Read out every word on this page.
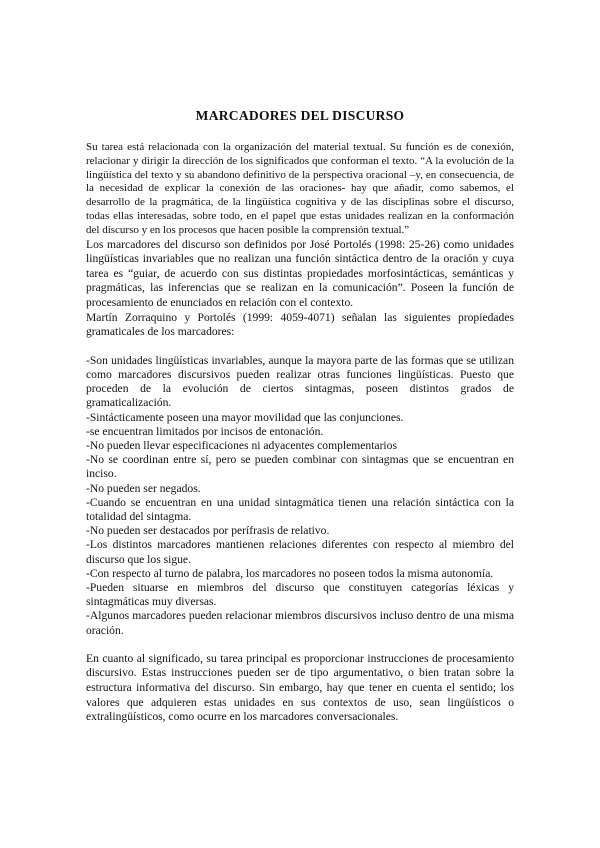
MARCADORES DEL DISCURSO

Su tarea está relacionada con la organización del material textual. Su función es de conexión, relacionar y dirigir la dirección de los significados que conforman el texto. “A la evolución de la lingüística del texto y su abandono definitivo de la perspectiva oracional –y, en consecuencia, de la necesidad de explicar la conexión de las oraciones- hay que añadir, como sabemos, el desarrollo de la pragmática, de la lingüística cognitiva y de las disciplinas sobre el discurso, todas ellas interesadas, sobre todo, en el papel que estas unidades realizan en la conformación del discurso y en los procesos que hacen posible la comprensión textual.”

Los marcadores del discurso son definidos por José Portolés (1998: 25-26) como unidades lingüísticas invariables que no realizan una función sintáctica dentro de la oración y cuya tarea es “guiar, de acuerdo con sus distintas propiedades morfosintácticas, semánticas y pragmáticas, las inferencias que se realizan en la comunicación”. Poseen la función de procesamiento de enunciados en relación con el contexto.

Martín Zorraquino y Portolés (1999: 4059-4071) señalan las siguientes propiedades gramaticales de los marcadores:

-Son unidades lingüísticas invariables, aunque la mayora parte de las formas que se utilizan como marcadores discursivos pueden realizar otras funciones lingüísticas. Puesto que proceden de la evolución de ciertos sintagmas, poseen distintos grados de gramaticalización.
-Sintácticamente poseen una mayor movilidad que las conjunciones.
-se encuentran limitados por incisos de entonación.
-No pueden llevar especificaciones ni adyacentes complementarios
-No se coordinan entre sí, pero se pueden combinar con sintagmas que se encuentran en inciso.
-No pueden ser negados.
-Cuando se encuentran en una unidad sintagmática tienen una relación sintáctica con la totalidad del sintagma.
-No pueden ser destacados por perífrasis de relativo.
-Los distintos marcadores mantienen relaciones diferentes con respecto al miembro del discurso que los sigue.
-Con respecto al turno de palabra, los marcadores no poseen todos la misma autonomía.
-Pueden situarse en miembros del discurso que constituyen categorías léxicas y sintagmáticas muy diversas.
-Algunos marcadores pueden relacionar miembros discursivos incluso dentro de una misma oración.

En cuanto al significado, su tarea principal es proporcionar instrucciones de procesamiento discursivo. Estas instrucciones pueden ser de tipo argumentativo, o bien tratan sobre la estructura informativa del discurso. Sin embargo, hay que tener en cuenta el sentido; los valores que adquieren estas unidades en sus contextos de uso, sean lingüísticos o extralingüísticos, como ocurre en los marcadores conversacionales.
